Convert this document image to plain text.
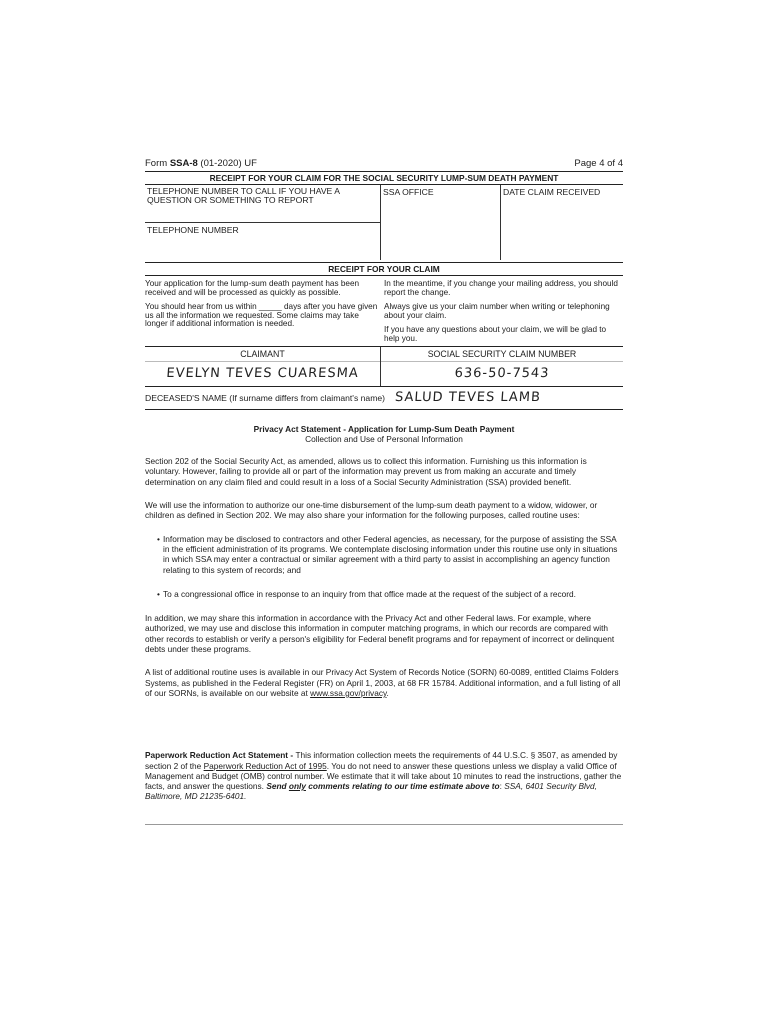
Form SSA-8 (01-2020) UF	Page 4 of 4
RECEIPT FOR YOUR CLAIM FOR THE SOCIAL SECURITY LUMP-SUM DEATH PAYMENT
TELEPHONE NUMBER TO CALL IF YOU HAVE A QUESTION OR SOMETHING TO REPORT
TELEPHONE NUMBER
SSA OFFICE	DATE CLAIM RECEIVED
RECEIPT FOR YOUR CLAIM

Your application for the lump-sum death payment has been received and will be processed as quickly as possible.

You should hear from us within _____ days after you have given us all the information we requested. Some claims may take longer if additional information is needed.

In the meantime, if you change your mailing address, you should report the change.

Always give us your claim number when writing or telephoning about your claim.

If you have any questions about your claim, we will be glad to help you.

CLAIMANT
EVELYN TEVES CUARESMA
SOCIAL SECURITY CLAIM NUMBER
636-50-7543
DECEASED'S NAME (If surname differs from claimant's name) SALUD TEVES LAMB
Privacy Act Statement - Application for Lump-Sum Death Payment
Collection and Use of Personal Information

Section 202 of the Social Security Act, as amended, allows us to collect this information. Furnishing us this information is voluntary. However, failing to provide all or part of the information may prevent us from making an accurate and timely determination on any claim filed and could result in a loss of a Social Security Administration (SSA) provided benefit.

We will use the information to authorize our one-time disbursement of the lump-sum death payment to a widow, widower, or children as defined in Section 202. We may also share your information for the following purposes, called routine uses:

• Information may be disclosed to contractors and other Federal agencies, as necessary, for the purpose of assisting the SSA in the efficient administration of its programs. We contemplate disclosing information under this routine use only in situations in which SSA may enter a contractual or similar agreement with a third party to assist in accomplishing an agency function relating to this system of records; and
• To a congressional office in response to an inquiry from that office made at the request of the subject of a record.

In addition, we may share this information in accordance with the Privacy Act and other Federal laws. For example, where authorized, we may use and disclose this information in computer matching programs, in which our records are compared with other records to establish or verify a person's eligibility for Federal benefit programs and for repayment of incorrect or delinquent debts under these programs.

A list of additional routine uses is available in our Privacy Act System of Records Notice (SORN) 60-0089, entitled Claims Folders Systems, as published in the Federal Register (FR) on April 1, 2003, at 68 FR 15784. Additional information, and a full listing of all of our SORNs, is available on our website at www.ssa.gov/privacy.

Paperwork Reduction Act Statement - This information collection meets the requirements of 44 U.S.C. § 3507, as amended by section 2 of the Paperwork Reduction Act of 1995. You do not need to answer these questions unless we display a valid Office of Management and Budget (OMB) control number. We estimate that it will take about 10 minutes to read the instructions, gather the facts, and answer the questions. Send only comments relating to our time estimate above to: SSA, 6401 Security Blvd, Baltimore, MD 21235-6401.
